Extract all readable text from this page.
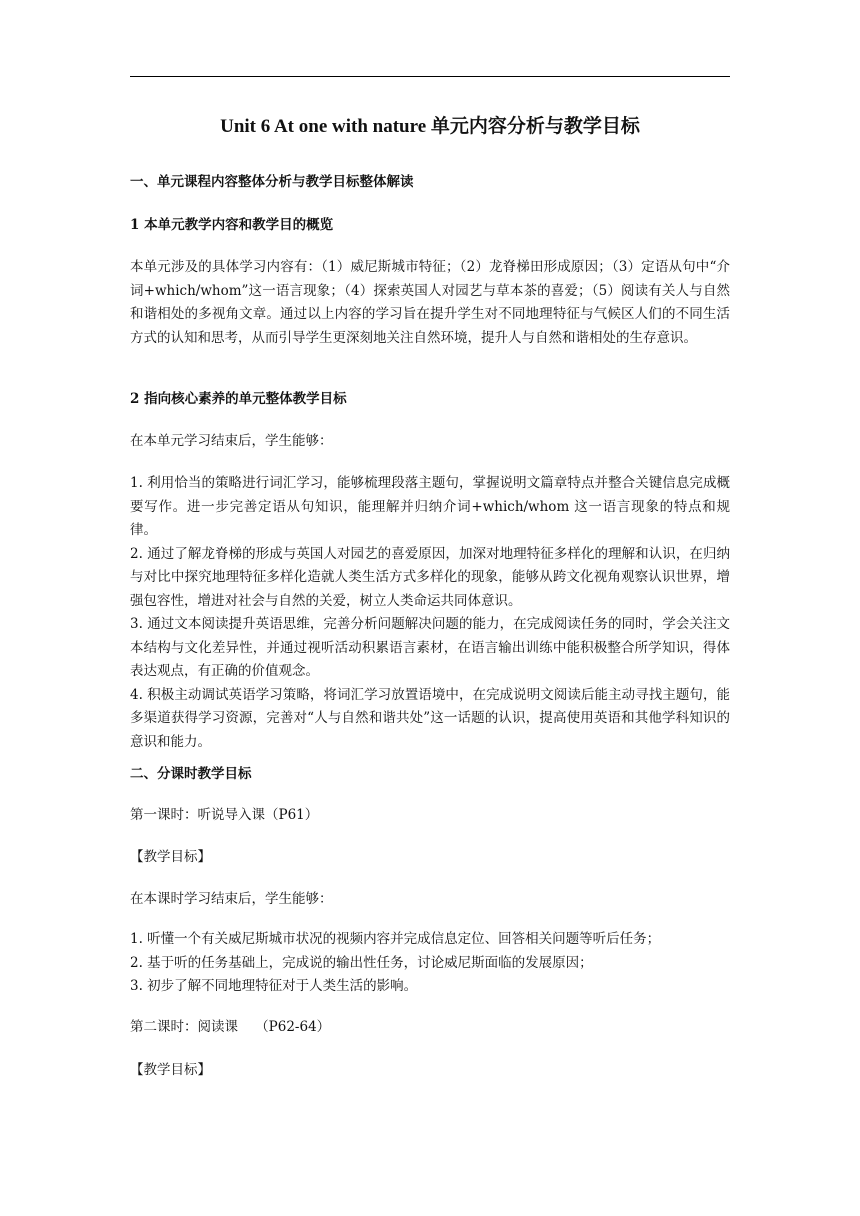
Unit 6 At one with nature 单元内容分析与教学目标
一、单元课程内容整体分析与教学目标整体解读
1 本单元教学内容和教学目的概览

本单元涉及的具体学习内容有：（1）威尼斯城市特征；（2）龙脊梯田形成原因；（3）定语从句中“介词+which/whom”这一语言现象；（4）探索英国人对园艺与草本茶的喜爱；（5）阅读有关人与自然和谐相处的多视角文章。通过以上内容的学习旨在提升学生对不同地理特征与气候区人们的不同生活方式的认知和思考，从而引导学生更深刻地关注自然环境，提升人与自然和谐相处的生存意识。

2 指向核心素养的单元整体教学目标

在本单元学习结束后，学生能够：

1. 利用恰当的策略进行词汇学习，能够梳理段落主题句，掌握说明文篇章特点并整合关键信息完成概要写作。进一步完善定语从句知识，能理解并归纳介词+which/whom 这一语言现象的特点和规律。
2. 通过了解龙脊梯的形成与英国人对园艺的喜爱原因，加深对地理特征多样化的理解和认识，在归纳与对比中探究地理特征多样化造就人类生活方式多样化的现象，能够从跨文化视角观察认识世界，增强包容性，增进对社会与自然的关爱，树立人类命运共同体意识。
3. 通过文本阅读提升英语思维，完善分析问题解决问题的能力，在完成阅读任务的同时，学会关注文本结构与文化差异性，并通过视听活动积累语言素材，在语言输出训练中能积极整合所学知识，得体表达观点，有正确的价值观念。
4. 积极主动调试英语学习策略，将词汇学习放置语境中，在完成说明文阅读后能主动寻找主题句，能多渠道获得学习资源，完善对“人与自然和谐共处”这一话题的认识，提高使用英语和其他学科知识的意识和能力。
二、分课时教学目标

第一课时：听说导入课（P61）

【教学目标】

在本课时学习结束后，学生能够：

1. 听懂一个有关威尼斯城市状况的视频内容并完成信息定位、回答相关问题等听后任务；
2. 基于听的任务基础上，完成说的输出性任务，讨论威尼斯面临的发展原因；
3. 初步了解不同地理特征对于人类生活的影响。

第二课时：阅读课    （P62-64）

【教学目标】
